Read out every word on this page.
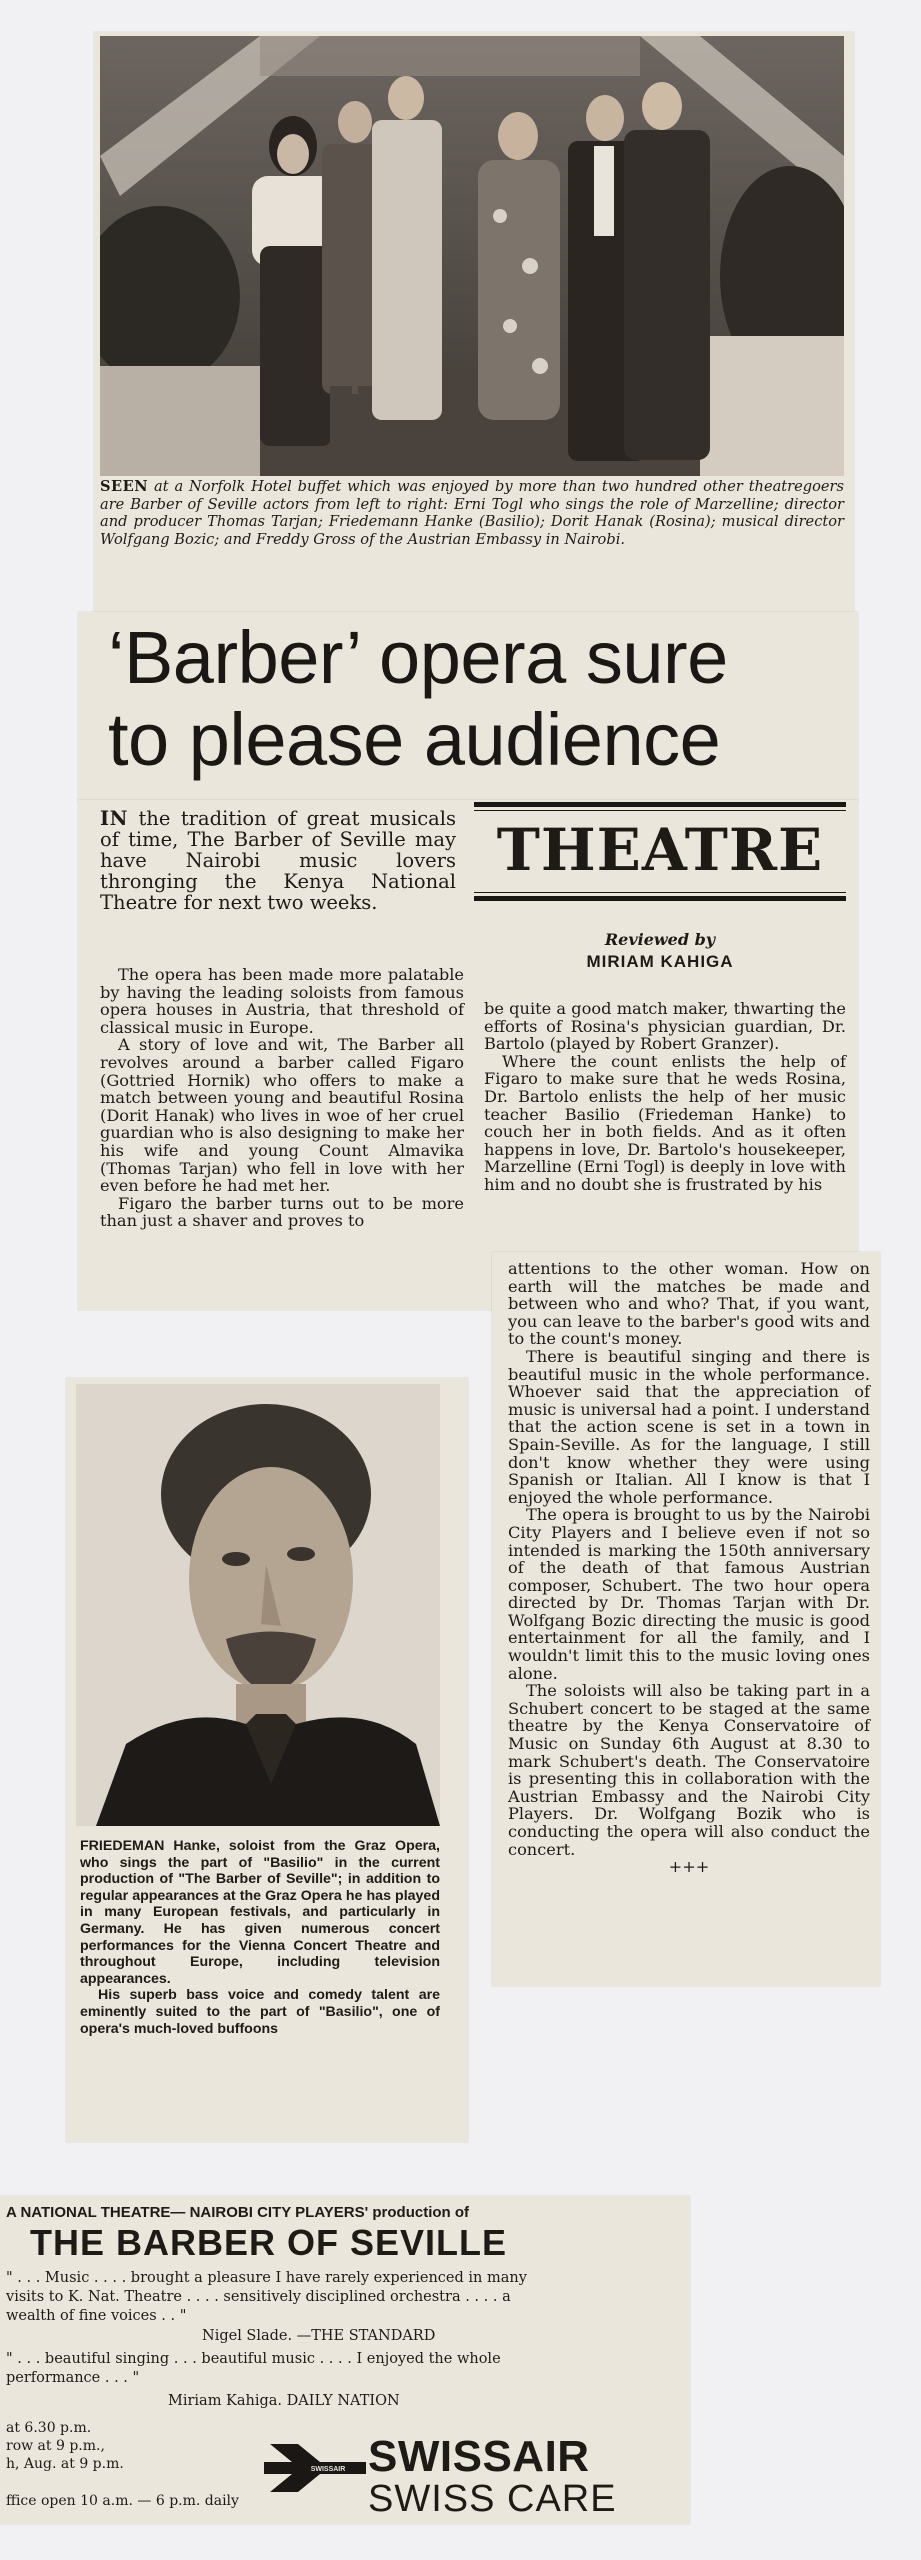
SEEN at a Norfolk Hotel buffet which was enjoyed by more than two hundred other theatregoers are Barber of Seville actors from left to right: Erni Togl who sings the role of Marzelline; director and producer Thomas Tarjan; Friedemann Hanke (Basilio); Dorit Hanak (Rosina); musical director Wolfgang Bozic; and Freddy Gross of the Austrian Embassy in Nairobi.

‘Barber’ opera sure
to please audience

IN the tradition of great musicals of time, The Barber of Seville may have Nairobi music lovers thronging the Kenya National Theatre for next two weeks.

THEATRE
Reviewed by
MIRIAM KAHIGA

The opera has been made more palatable by having the leading soloists from famous opera houses in Austria, that threshold of classical music in Europe.

A story of love and wit, The Barber all revolves around a barber called Figaro (Gottried Hornik) who offers to make a match between young and beautiful Rosina (Dorit Hanak) who lives in woe of her cruel guardian who is also designing to make her his wife and young Count Almavika (Thomas Tarjan) who fell in love with her even before he had met her.

Figaro the barber turns out to be more than just a shaver and proves to

be quite a good match maker, thwarting the efforts of Rosina's physician guardian, Dr. Bartolo (played by Robert Granzer).

Where the count enlists the help of Figaro to make sure that he weds Rosina, Dr. Bartolo enlists the help of her music teacher Basilio (Friedeman Hanke) to couch her in both fields. And as it often happens in love, Dr. Bartolo's housekeeper, Marzelline (Erni Togl) is deeply in love with him and no doubt she is frustrated by his

attentions to the other woman. How on earth will the matches be made and between who and who? That, if you want, you can leave to the barber's good wits and to the count's money.

There is beautiful singing and there is beautiful music in the whole performance. Whoever said that the appreciation of music is universal had a point. I understand that the action scene is set in a town in Spain-Seville. As for the language, I still don't know whether they were using Spanish or Italian. All I know is that I enjoyed the whole performance.

The opera is brought to us by the Nairobi City Players and I believe even if not so intended is marking the 150th anniversary of the death of that famous Austrian composer, Schubert. The two hour opera directed by Dr. Thomas Tarjan with Dr. Wolfgang Bozic directing the music is good entertainment for all the family, and I wouldn't limit this to the music loving ones alone.

The soloists will also be taking part in a Schubert concert to be staged at the same theatre by the Kenya Conservatoire of Music on Sunday 6th August at 8.30 to mark Schubert's death. The Conservatoire is presenting this in collaboration with the Austrian Embassy and the Nairobi City Players. Dr. Wolfgang Bozik who is conducting the opera will also conduct the concert.

+++

FRIEDEMAN Hanke, soloist from the Graz Opera, who sings the part of "Basilio" in the current production of "The Barber of Seville"; in addition to regular appearances at the Graz Opera he has played in many European festivals, and particularly in Germany. He has given numerous concert performances for the Vienna Concert Theatre and throughout Europe, including television appearances.

His superb bass voice and comedy talent are eminently suited to the part of "Basilio", one of opera's much-loved buffoons

A NATIONAL THEATRE— NAIROBI CITY PLAYERS' production of

THE BARBER OF SEVILLE

" . . . Music . . . . brought a pleasure I have rarely experienced in many

visits to K. Nat. Theatre . . . . sensitively disciplined orchestra . . . . a

wealth of fine voices . . "

Nigel Slade. —THE STANDARD

" . . . beautiful singing . . . beautiful music . . . . I enjoyed the whole

performance . . . "

Miriam Kahiga. DAILY NATION

at 6.30 p.m.

row at 9 p.m.,

h, Aug. at 9 p.m.

ffice open 10 a.m. — 6 p.m. daily

SWISSAIR SWISSAIR

SWISS CARE
